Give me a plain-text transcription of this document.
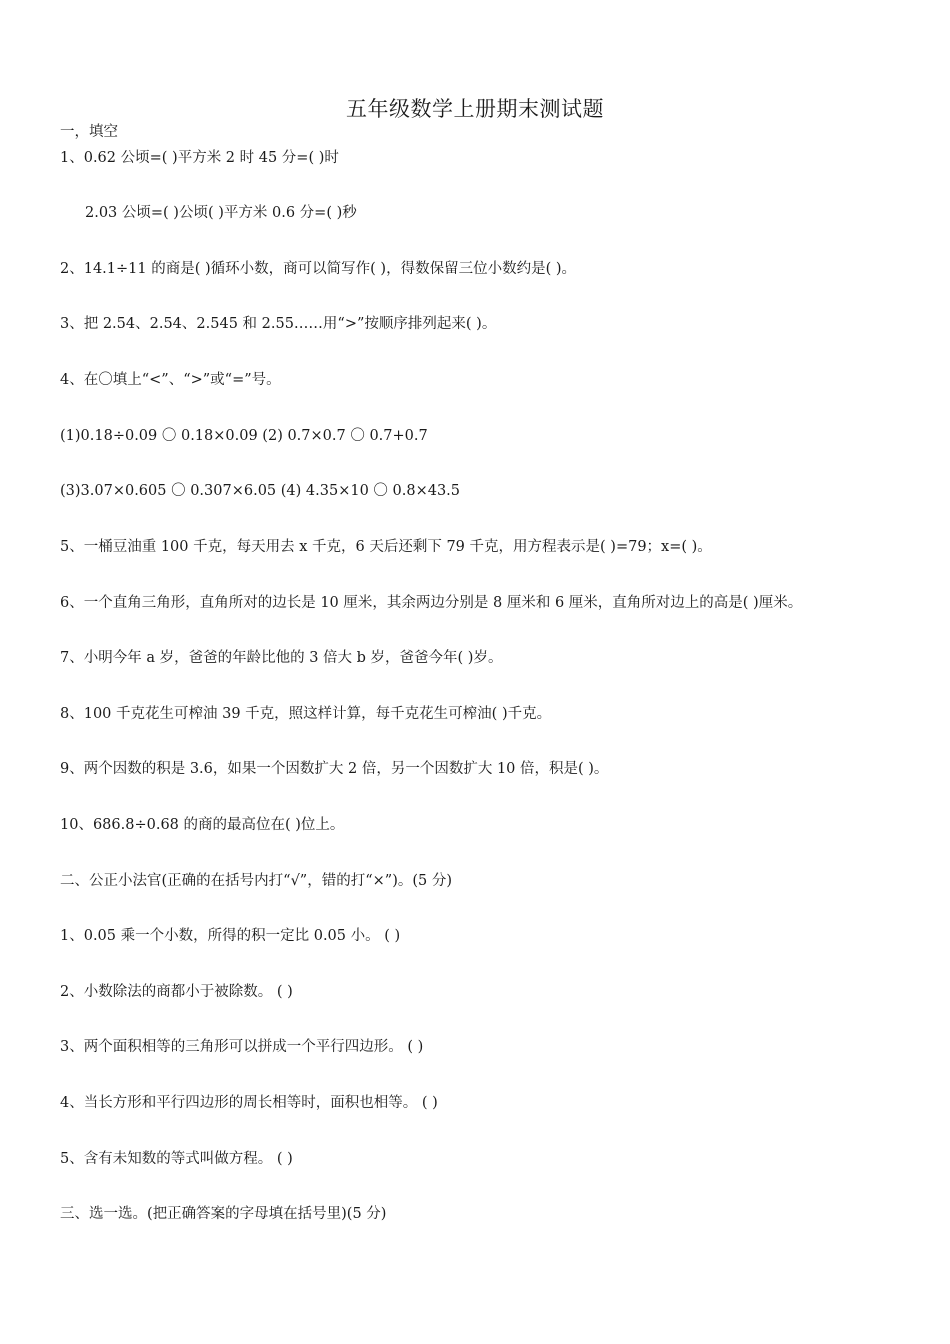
五年级数学上册期末测试题
一，填空
1、0.62 公顷=( )平方米 2 时 45 分=( )时
2.03 公顷=( )公顷( )平方米 0.6 分=( )秒
2、14.1÷11 的商是( )循环小数，商可以简写作( )，得数保留三位小数约是( )。
3、把 2.54、2.54、2.545 和 2.55……用“>”按顺序排列起来( )。
4、在〇填上“<”、“>”或“=”号。
(1)0.18÷0.09 〇 0.18×0.09 (2) 0.7×0.7 〇 0.7+0.7
(3)3.07×0.605 〇 0.307×6.05 (4) 4.35×10 〇 0.8×43.5
5、一桶豆油重 100 千克，每天用去 x 千克，6 天后还剩下 79 千克，用方程表示是( )=79；x=( )。
6、一个直角三角形，直角所对的边长是 10 厘米，其余两边分别是 8 厘米和 6 厘米，直角所对边上的高是( )厘米。
7、小明今年 a 岁，爸爸的年龄比他的 3 倍大 b 岁，爸爸今年( )岁。
8、100 千克花生可榨油 39 千克，照这样计算，每千克花生可榨油( )千克。
9、两个因数的积是 3.6，如果一个因数扩大 2 倍，另一个因数扩大 10 倍，积是( )。
10、686.8÷0.68 的商的最高位在( )位上。
二、公正小法官(正确的在括号内打“√”，错的打“×”)。(5 分)
1、0.05 乘一个小数，所得的积一定比 0.05 小。 ( )
2、小数除法的商都小于被除数。 ( )
3、两个面积相等的三角形可以拼成一个平行四边形。 ( )
4、当长方形和平行四边形的周长相等时，面积也相等。 ( )
5、含有未知数的等式叫做方程。 ( )
三、选一选。(把正确答案的字母填在括号里)(5 分)
